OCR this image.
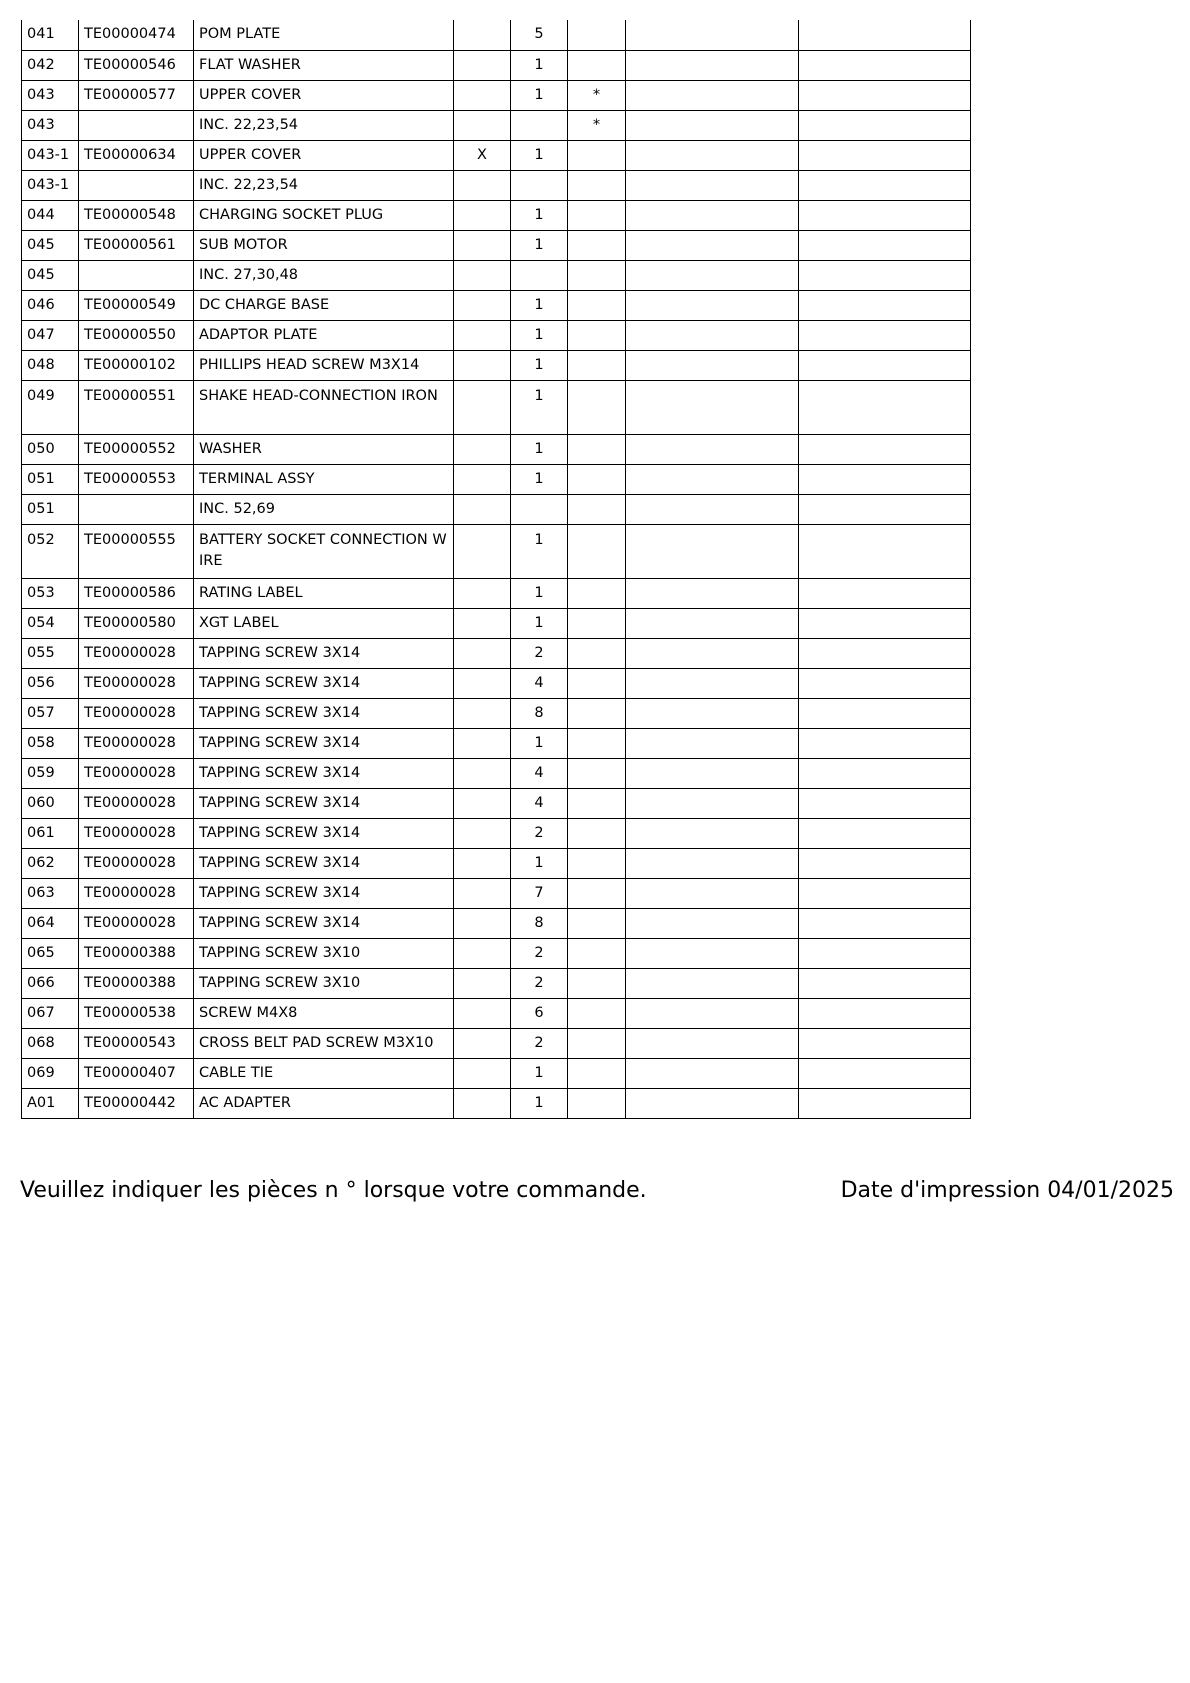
041	TE00000474	POM PLATE		5			
042	TE00000546	FLAT WASHER		1			
043	TE00000577	UPPER COVER		1	*		
043		INC. 22,23,54			*		
043-1	TE00000634	UPPER COVER	X	1			
043-1		INC. 22,23,54					
044	TE00000548	CHARGING SOCKET PLUG		1			
045	TE00000561	SUB MOTOR		1			
045		INC. 27,30,48					
046	TE00000549	DC CHARGE BASE		1			
047	TE00000550	ADAPTOR PLATE		1			
048	TE00000102	PHILLIPS HEAD SCREW M3X14		1			
049	TE00000551	SHAKE HEAD-CONNECTION IRON		1			
050	TE00000552	WASHER		1			
051	TE00000553	TERMINAL ASSY		1			
051		INC. 52,69					
052	TE00000555	BATTERY SOCKET CONNECTION WIRE		1			
053	TE00000586	RATING LABEL		1			
054	TE00000580	XGT LABEL		1			
055	TE00000028	TAPPING SCREW 3X14		2			
056	TE00000028	TAPPING SCREW 3X14		4			
057	TE00000028	TAPPING SCREW 3X14		8			
058	TE00000028	TAPPING SCREW 3X14		1			
059	TE00000028	TAPPING SCREW 3X14		4			
060	TE00000028	TAPPING SCREW 3X14		4			
061	TE00000028	TAPPING SCREW 3X14		2			
062	TE00000028	TAPPING SCREW 3X14		1			
063	TE00000028	TAPPING SCREW 3X14		7			
064	TE00000028	TAPPING SCREW 3X14		8			
065	TE00000388	TAPPING SCREW 3X10		2			
066	TE00000388	TAPPING SCREW 3X10		2			
067	TE00000538	SCREW M4X8		6			
068	TE00000543	CROSS BELT PAD SCREW M3X10		2			
069	TE00000407	CABLE TIE		1			
A01	TE00000442	AC ADAPTER		1			
Veuillez indiquer les pièces n ° lorsque votre commande.	Date d'impression 04/01/2025
